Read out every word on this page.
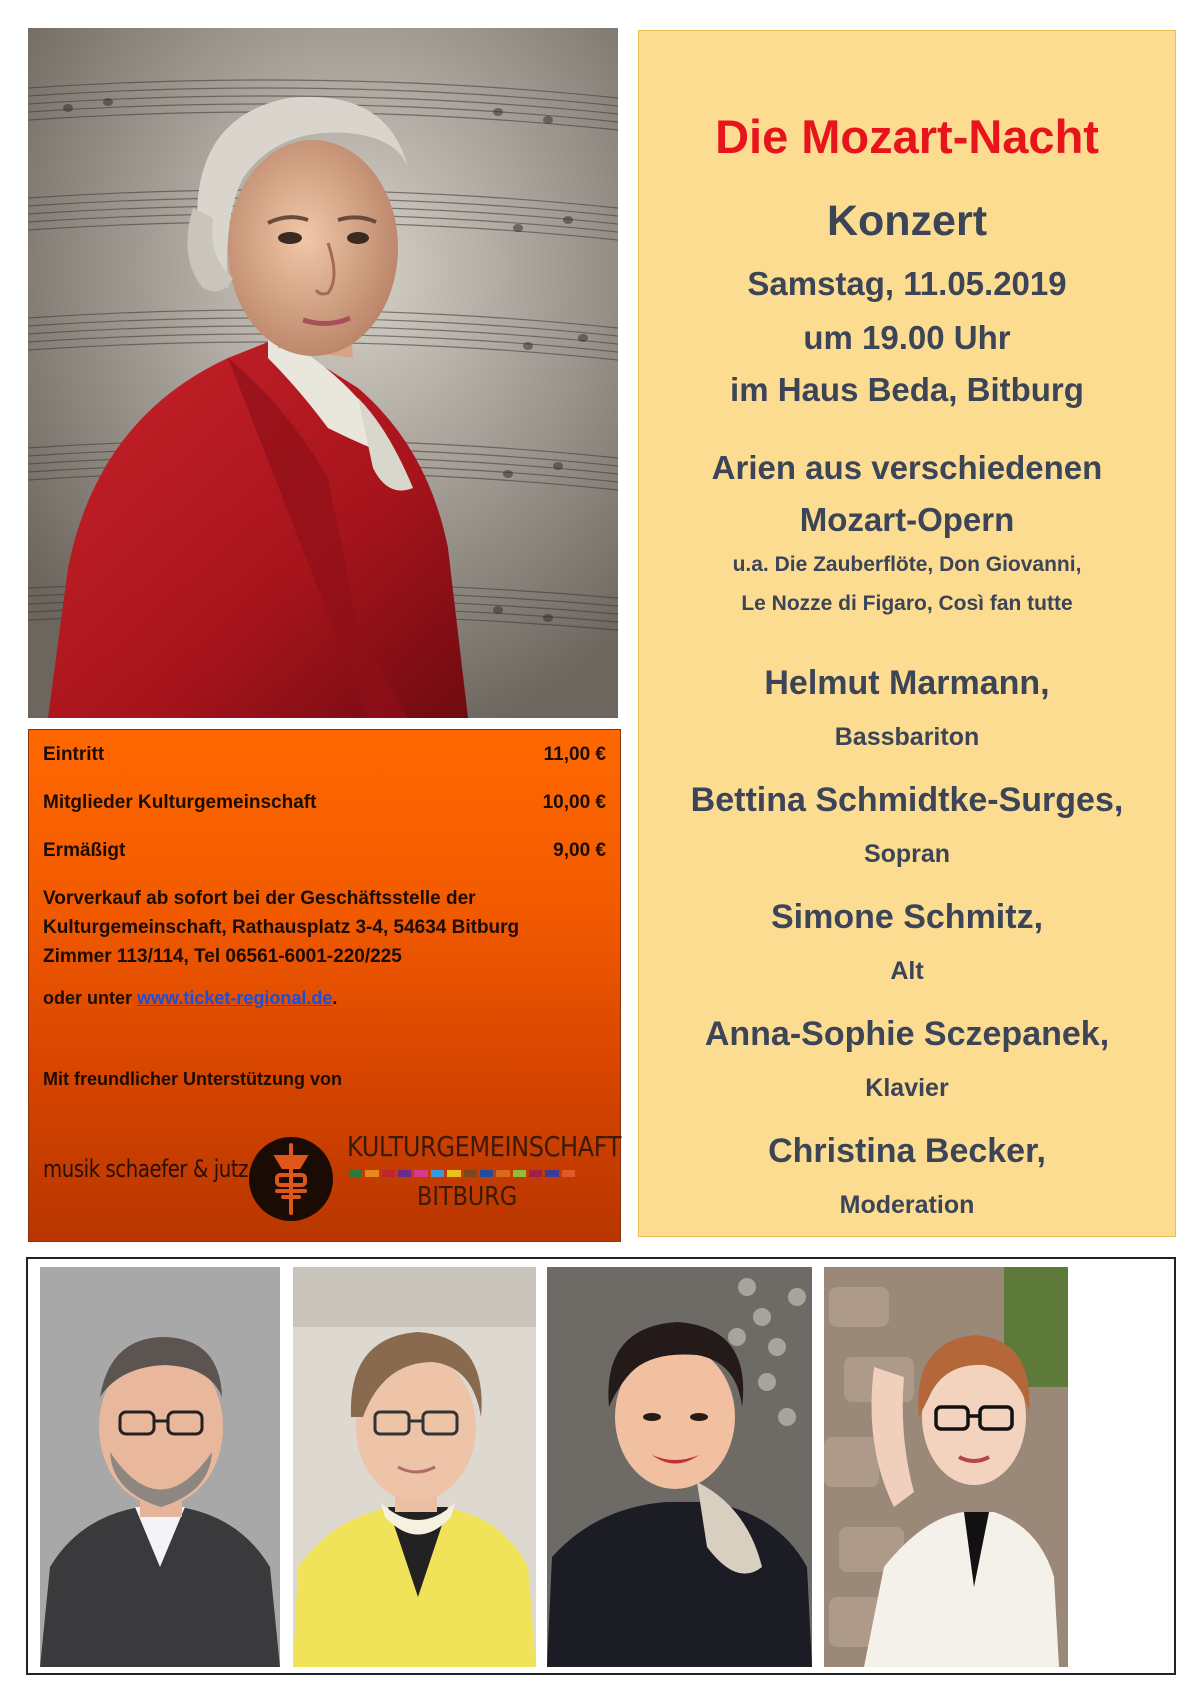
Die Mozart-Nacht
Konzert
Samstag, 11.05.2019
um 19.00 Uhr
im Haus Beda, Bitburg
Arien aus verschiedenen
Mozart-Opern
u.a. Die Zauberflöte, Don Giovanni,
Le Nozze di Figaro, Così fan tutte
Helmut Marmann,
Bassbariton
Bettina Schmidtke-Surges,
Sopran
Simone Schmitz,
Alt
Anna-Sophie Sczepanek,
Klavier
Christina Becker,
Moderation
Eintritt	11,00 €
Mitglieder Kulturgemeinschaft	10,00 €
Ermäßigt	9,00 €
Vorverkauf ab sofort bei der Geschäftsstelle der
Kulturgemeinschaft, Rathausplatz 3-4, 54634 Bitburg
Zimmer 113/114, Tel 06561-6001-220/225
oder unter www.ticket-regional.de.
Mit freundlicher Unterstützung von
musik schaefer & jutz
KULTURGEMEINSCHAFT
BITBURG
